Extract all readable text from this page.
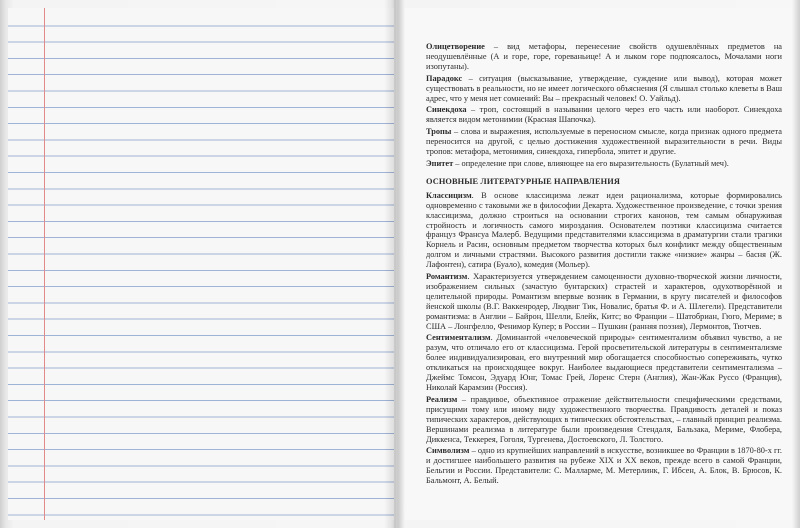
Олицетворение – вид метафоры, перенесение свойств одушевлённых предметов на неодушевлённые (А и горе, горе, гореваньице! А и лыком горе подпоясалось, Мочалами ноги изопутаны).

Парадокс – ситуация (высказывание, утверждение, суждение или вывод), которая может существовать в реальности, но не имеет логического объяснения (Я слышал столько клеветы в Ваш адрес, что у меня нет сомнений: Вы – прекрасный человек! О. Уайльд).

Синекдоха – троп, состоящий в назывании целого через его часть или наоборот. Синекдоха является видом метонимии (Красная Шапочка).

Тропы – слова и выражения, используемые в переносном смысле, когда признак одного предмета переносится на другой, с целью достижения художественной выразительности в речи. Виды тропов: метафора, метонимия, синекдоха, гипербола, эпитет и другие.

Эпитет – определение при слове, влияющее на его выразительность (Булатный меч).

ОСНОВНЫЕ ЛИТЕРАТУРНЫЕ НАПРАВЛЕНИЯ

Классицизм. В основе классицизма лежат идеи рационализма, которые формировались одновременно с таковыми же в философии Декарта. Художественное произведение, с точки зрения классицизма, должно строиться на основании строгих канонов, тем самым обнаруживая стройность и логичность самого мироздания. Основателем поэтики классицизма считается француз Франсуа Малерб. Ведущими представителями классицизма в драматургии стали трагики Корнель и Расин, основным предметом творчества которых был конфликт между общественным долгом и личными страстями. Высокого развития достигли также «низкие» жанры – басня (Ж. Лафонтен), сатира (Буало), комедия (Мольер).

Романтизм. Характеризуется утверждением самоценности духовно-творческой жизни личности, изображением сильных (зачастую бунтарских) страстей и характеров, одухотворённой и целительной природы. Романтизм впервые возник в Германии, в кругу писателей и философов йенской школы (В.Г. Ваккенродер, Людвиг Тик, Новалис, братья Ф. и А. Шлегели). Представители романтизма: в Англии – Байрон, Шелли, Блейк, Китс; во Франции – Шатобриан, Гюго, Мериме; в США – Лонгфелло, Фенимор Купер; в России – Пушкин (ранняя поэзия), Лермонтов, Тютчев.

Сентиментализм. Доминантой «человеческой природы» сентиментализм объявил чувство, а не разум, что отличало его от классицизма. Герой просветительской литературы в сентиментализме более индивидуализирован, его внутренний мир обогащается способностью сопереживать, чутко откликаться на происходящее вокруг. Наиболее выдающиеся представители сентиментализма – Джеймс Томсон, Эдуард Юнг, Томас Грей, Лоренс Стерн (Англия), Жан-Жак Руссо (Франция), Николай Карамзин (Россия).

Реализм – правдивое, объективное отражение действительности специфическими средствами, присущими тому или иному виду художественного творчества. Правдивость деталей и показ типических характеров, действующих в типических обстоятельствах, – главный принцип реализма. Вершинами реализма в литературе были произведения Стендаля, Бальзака, Мериме, Флобера, Диккенса, Теккерея, Гоголя, Тургенева, Достоевского, Л. Толстого.

Символизм – одно из крупнейших направлений в искусстве, возникшее во Франции в 1870-80-х гг. и достигшее наибольшего развития на рубеже XIX и XX веков, прежде всего в самой Франции, Бельгии и России. Представители: С. Малларме, М. Метерлинк, Г. Ибсен, А. Блок, В. Брюсов, К. Бальмонт, А. Белый.
